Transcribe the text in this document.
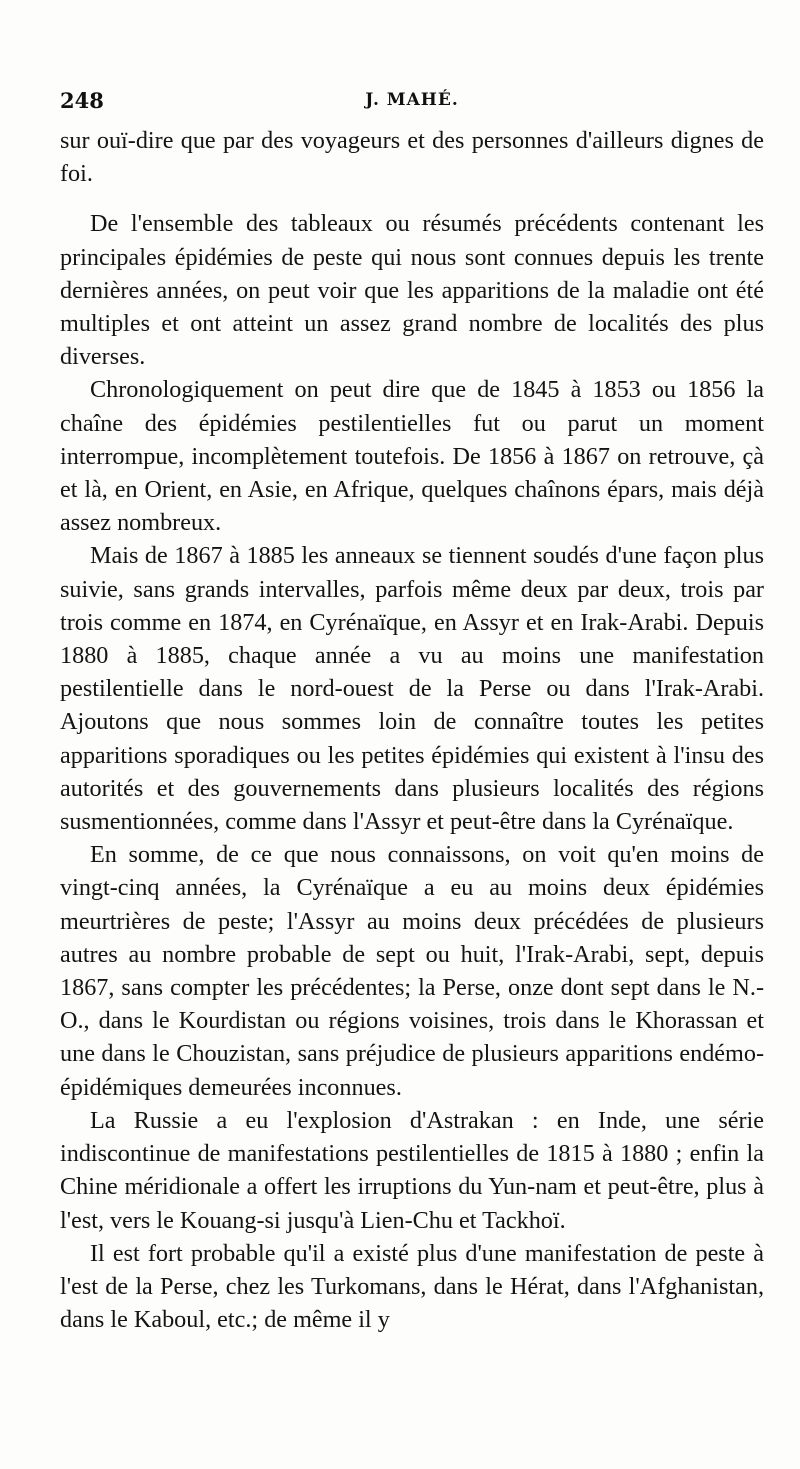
248	J. MAHÉ.

sur ouï-dire que par des voyageurs et des personnes d'ailleurs dignes de foi.

De l'ensemble des tableaux ou résumés précédents contenant les principales épidémies de peste qui nous sont connues depuis les trente dernières années, on peut voir que les apparitions de la maladie ont été multiples et ont atteint un assez grand nombre de localités des plus diverses.

Chronologiquement on peut dire que de 1845 à 1853 ou 1856 la chaîne des épidémies pestilentielles fut ou parut un moment interrompue, incomplètement toutefois. De 1856 à 1867 on retrouve, çà et là, en Orient, en Asie, en Afrique, quelques chaînons épars, mais déjà assez nombreux.

Mais de 1867 à 1885 les anneaux se tiennent soudés d'une façon plus suivie, sans grands intervalles, parfois même deux par deux, trois par trois comme en 1874, en Cyrénaïque, en Assyr et en Irak-Arabi. Depuis 1880 à 1885, chaque année a vu au moins une manifestation pestilentielle dans le nord-ouest de la Perse ou dans l'Irak-Arabi. Ajoutons que nous sommes loin de connaître toutes les petites apparitions sporadiques ou les petites épidémies qui existent à l'insu des autorités et des gouvernements dans plusieurs localités des régions susmentionnées, comme dans l'Assyr et peut-être dans la Cyrénaïque.

En somme, de ce que nous connaissons, on voit qu'en moins de vingt-cinq années, la Cyrénaïque a eu au moins deux épidémies meurtrières de peste; l'Assyr au moins deux précédées de plusieurs autres au nombre probable de sept ou huit, l'Irak-Arabi, sept, depuis 1867, sans compter les précédentes; la Perse, onze dont sept dans le N.-O., dans le Kourdistan ou régions voisines, trois dans le Khorassan et une dans le Chouzistan, sans préjudice de plusieurs apparitions endémo-épidémiques demeurées inconnues.

La Russie a eu l'explosion d'Astrakan : en Inde, une série indiscontinue de manifestations pestilentielles de 1815 à 1880 ; enfin la Chine méridionale a offert les irruptions du Yun-nam et peut-être, plus à l'est, vers le Kouang-si jusqu'à Lien-Chu et Tackhoï.

Il est fort probable qu'il a existé plus d'une manifestation de peste à l'est de la Perse, chez les Turkomans, dans le Hérat, dans l'Afghanistan, dans le Kaboul, etc.; de même il y
